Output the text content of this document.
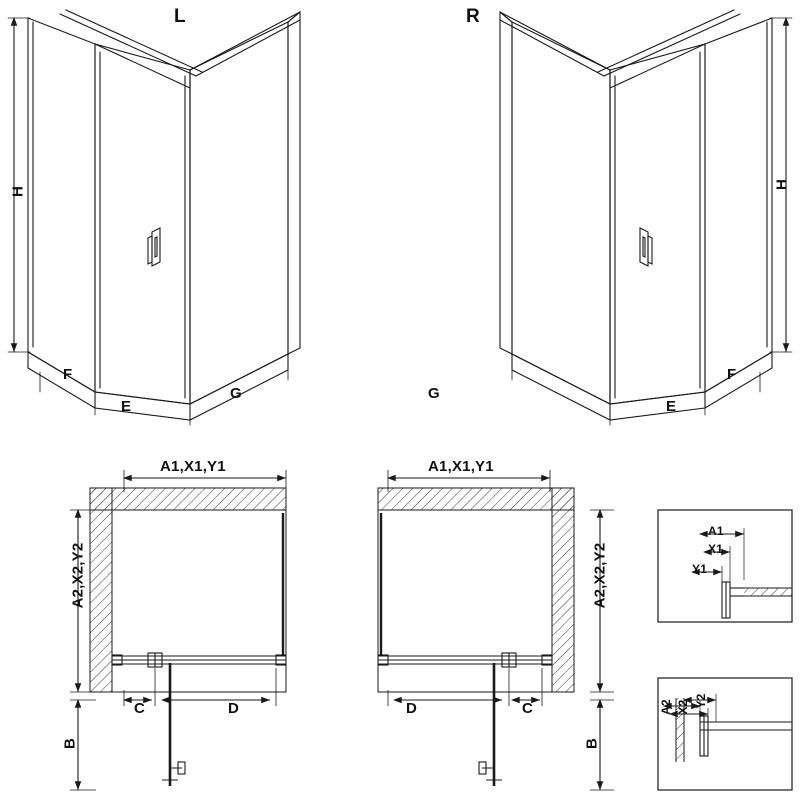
L	R
H
H
F
E
G
F
E
G
A1,X1,Y1
A2,X2,Y2
B
C	D
A1,X1,Y1
A2,X2,Y2
B
D	C
A1
X1
Y1
A2 X2 Y2
